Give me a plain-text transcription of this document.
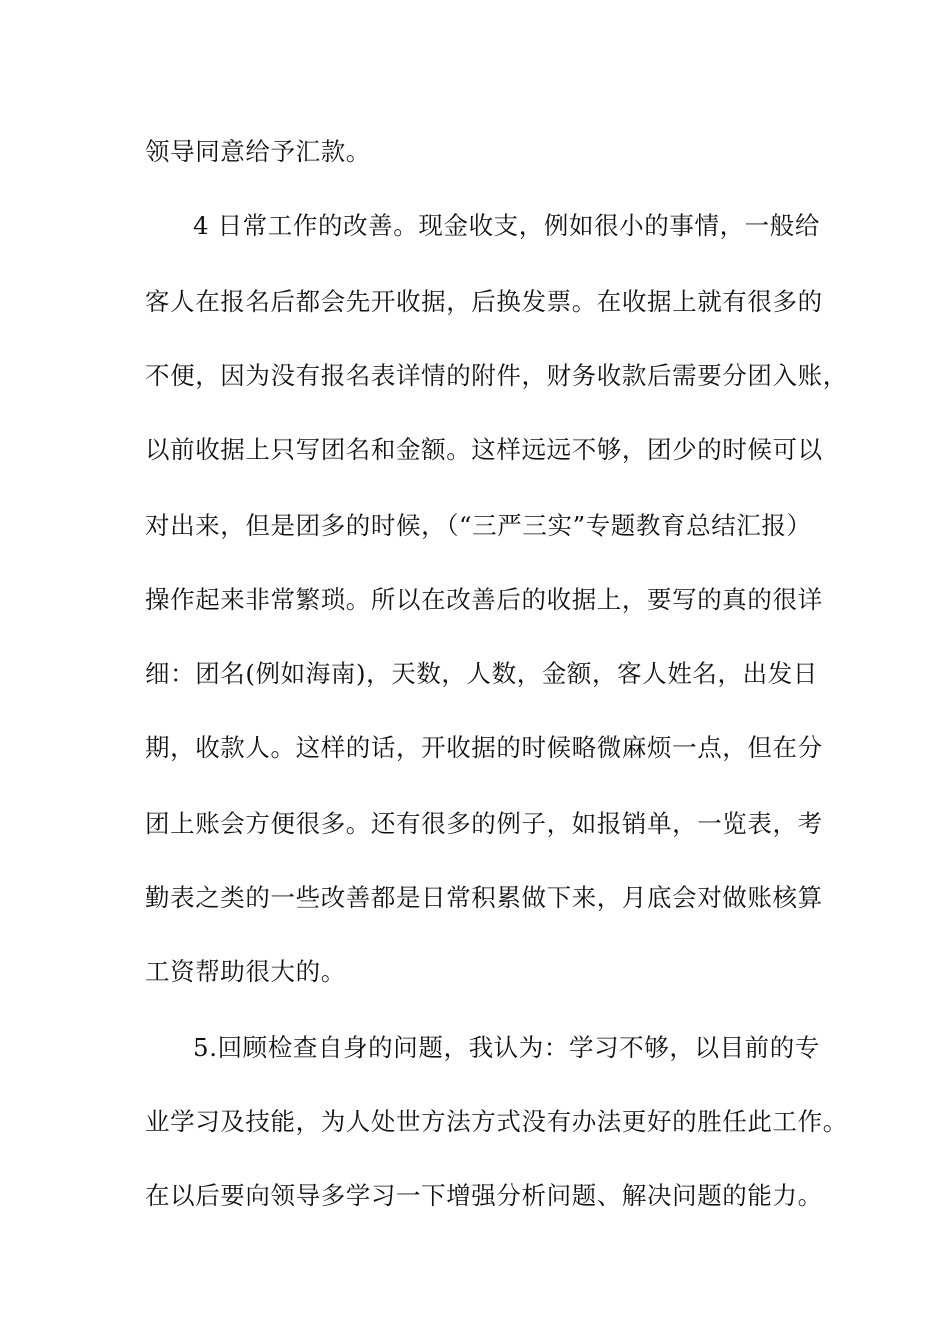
领导同意给予汇款。
4 日常工作的改善。现金收支，例如很小的事情，一般给
客人在报名后都会先开收据，后换发票。在收据上就有很多的
不便，因为没有报名表详情的附件，财务收款后需要分团入账，
以前收据上只写团名和金额。这样远远不够，团少的时候可以
对出来，但是团多的时候，（“三严三实”专题教育总结汇报）
操作起来非常繁琐。所以在改善后的收据上，要写的真的很详
细：团名(例如海南)，天数，人数，金额，客人姓名，出发日
期，收款人。这样的话，开收据的时候略微麻烦一点，但在分
团上账会方便很多。还有很多的例子，如报销单，一览表，考
勤表之类的一些改善都是日常积累做下来，月底会对做账核算
工资帮助很大的。
5.回顾检查自身的问题，我认为：学习不够，以目前的专
业学习及技能，为人处世方法方式没有办法更好的胜任此工作。
在以后要向领导多学习一下增强分析问题、解决问题的能力。
